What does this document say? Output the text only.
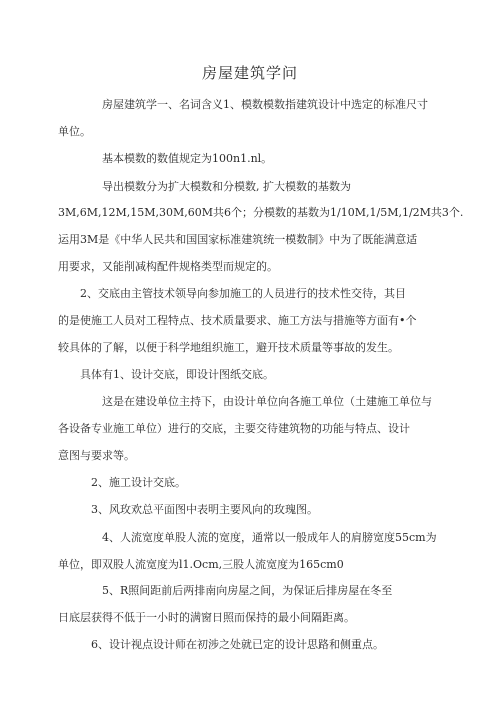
房屋建筑学问
房屋建筑学一、名词含义1、模数模数指建筑设计中选定的标准尺寸
单位。
基本模数的数值规定为100n1.nl。
导出模数分为扩大模数和分模数, 扩大模数的基数为
3M,6M,12M,15M,30M,60M共6个；分模数的基数为1/10M,1/5M,1/2M共3个.
运用3M是《中华人民共和国国家标准建筑统一模数制》中为了既能满意适
用要求，又能削减构配件规格类型而规定的。
2、交底由主管技术领导向参加施工的人员进行的技术性交待，其目
的是使施工人员对工程特点、技术质量要求、施工方法与措施等方面有•个
较具体的了解，以便于科学地组织施工，避开技术质量等事故的发生。
具体有1、设计交底，即设计图纸交底。
这是在建设单位主持下，由设计单位向各施工单位（土建施工单位与
各设备专业施工单位）进行的交底，主要交待建筑物的功能与特点、设计
意图与要求等。
2、施工设计交底。
3、风玫欢总平面图中表明主要风向的玫瑰图。
4、人流宽度单股人流的宽度，通常以一般成年人的肩膀宽度55cm为
单位，即双股人流宽度为l1.Ocm,三股人流宽度为165cm0
5、R照间距前后两排南向房屋之间，为保证后排房屋在冬至
日底层获得不低于一小时的满窗日照而保持的最小间隔距离。
6、设计视点设计师在初涉之处就已定的设计思路和侧重点。
